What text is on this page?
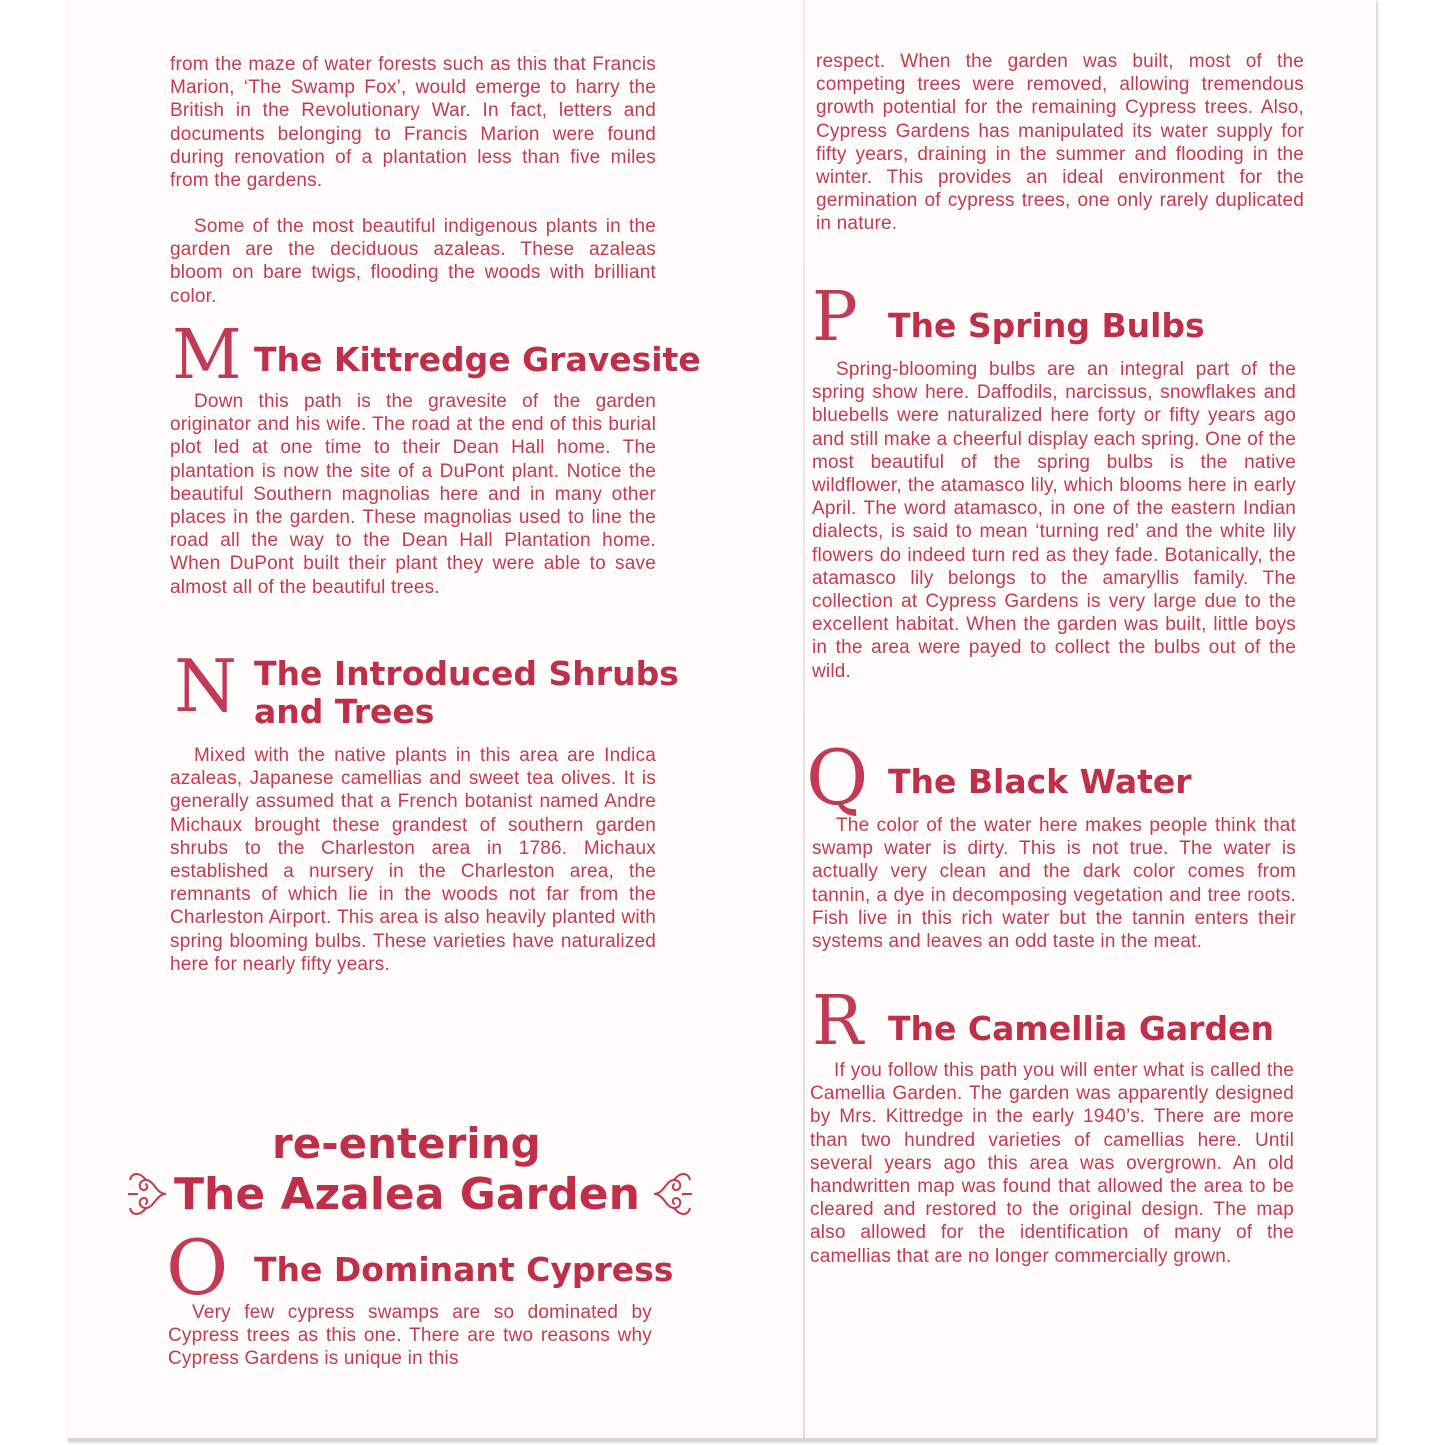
from the maze of water forests such as this that Francis Marion, ‘The Swamp Fox’, would emerge to harry the British in the Revolutionary War. In fact, letters and documents belonging to Francis Marion were found during renovation of a plantation less than five miles from the gardens.

Some of the most beautiful indigenous plants in the garden are the deciduous azaleas. These azaleas bloom on bare twigs, flooding the woods with brilliant color.

M The Kittredge Gravesite

Down this path is the gravesite of the garden originator and his wife. The road at the end of this burial plot led at one time to their Dean Hall home. The plantation is now the site of a DuPont plant. Notice the beautiful Southern magnolias here and in many other places in the garden. These magnolias used to line the road all the way to the Dean Hall Plantation home. When DuPont built their plant they were able to save almost all of the beautiful trees.

N The Introduced Shrubs
and Trees

Mixed with the native plants in this area are Indica azaleas, Japanese camellias and sweet tea olives. It is generally assumed that a French botanist named Andre Michaux brought these grandest of southern garden shrubs to the Charleston area in 1786. Michaux established a nursery in the Charleston area, the remnants of which lie in the woods not far from the Charleston Airport. This area is also heavily planted with spring blooming bulbs. These varieties have naturalized here for nearly fifty years.

re-entering
The Azalea Garden

O The Dominant Cypress

Very few cypress swamps are so dominated by Cypress trees as this one. There are two reasons why Cypress Gardens is unique in this

respect. When the garden was built, most of the competing trees were removed, allowing tremendous growth potential for the remaining Cypress trees. Also, Cypress Gardens has manipulated its water supply for fifty years, draining in the summer and flooding in the winter. This provides an ideal environment for the germination of cypress trees, one only rarely duplicated in nature.

P The Spring Bulbs

Spring-blooming bulbs are an integral part of the spring show here. Daffodils, narcissus, snowflakes and bluebells were naturalized here forty or fifty years ago and still make a cheerful display each spring. One of the most beautiful of the spring bulbs is the native wildflower, the atamasco lily, which blooms here in early April. The word atamasco, in one of the eastern Indian dialects, is said to mean ‘turning red’ and the white lily flowers do indeed turn red as they fade. Botanically, the atamasco lily belongs to the amaryllis family. The collection at Cypress Gardens is very large due to the excellent habitat. When the garden was built, little boys in the area were payed to collect the bulbs out of the wild.

Q The Black Water

The color of the water here makes people think that swamp water is dirty. This is not true. The water is actually very clean and the dark color comes from tannin, a dye in decomposing vegetation and tree roots. Fish live in this rich water but the tannin enters their systems and leaves an odd taste in the meat.

R The Camellia Garden

If you follow this path you will enter what is called the Camellia Garden. The garden was apparently designed by Mrs. Kittredge in the early 1940’s. There are more than two hundred varieties of camellias here. Until several years ago this area was overgrown. An old handwritten map was found that allowed the area to be cleared and restored to the original design. The map also allowed for the identification of many of the camellias that are no longer commercially grown.
